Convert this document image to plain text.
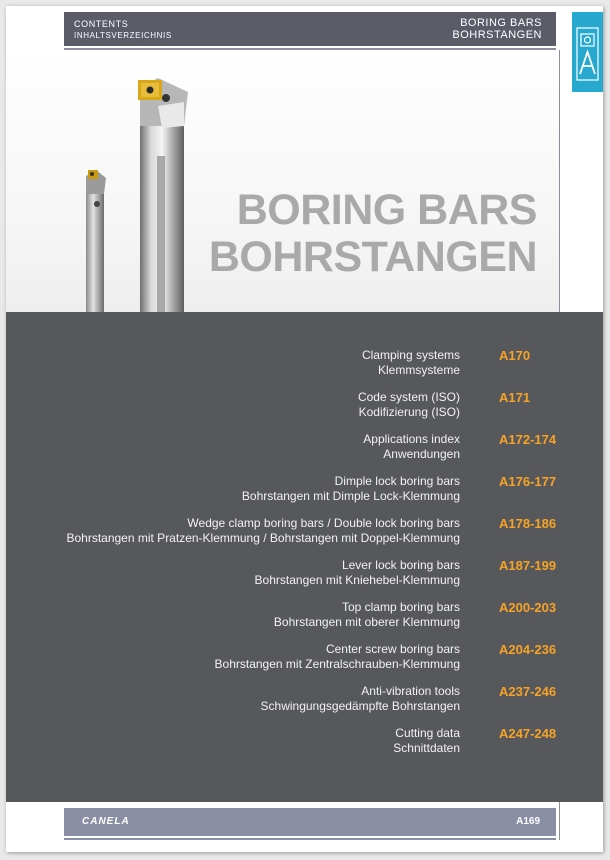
CONTENTS
INHALTSVERZEICHNIS
BORING BARS
BOHRSTANGEN
BORING BARS
BOHRSTANGEN
Clamping systems
Klemmsysteme
A170
Code system (ISO)
Kodifizierung (ISO)
A171
Applications index
Anwendungen
A172-174
Dimple lock boring bars
Bohrstangen mit Dimple Lock-Klemmung
A176-177
Wedge clamp boring bars / Double lock boring bars
Bohrstangen mit Pratzen-Klemmung / Bohrstangen mit Doppel-Klemmung
A178-186
Lever lock boring bars
Bohrstangen mit Kniehebel-Klemmung
A187-199
Top clamp boring bars
Bohrstangen mit oberer Klemmung
A200-203
Center screw boring bars
Bohrstangen mit Zentralschrauben-Klemmung
A204-236
Anti-vibration tools
Schwingungsgedämpfte Bohrstangen
A237-246
Cutting data
Schnittdaten
A247-248
CANELA	A169
